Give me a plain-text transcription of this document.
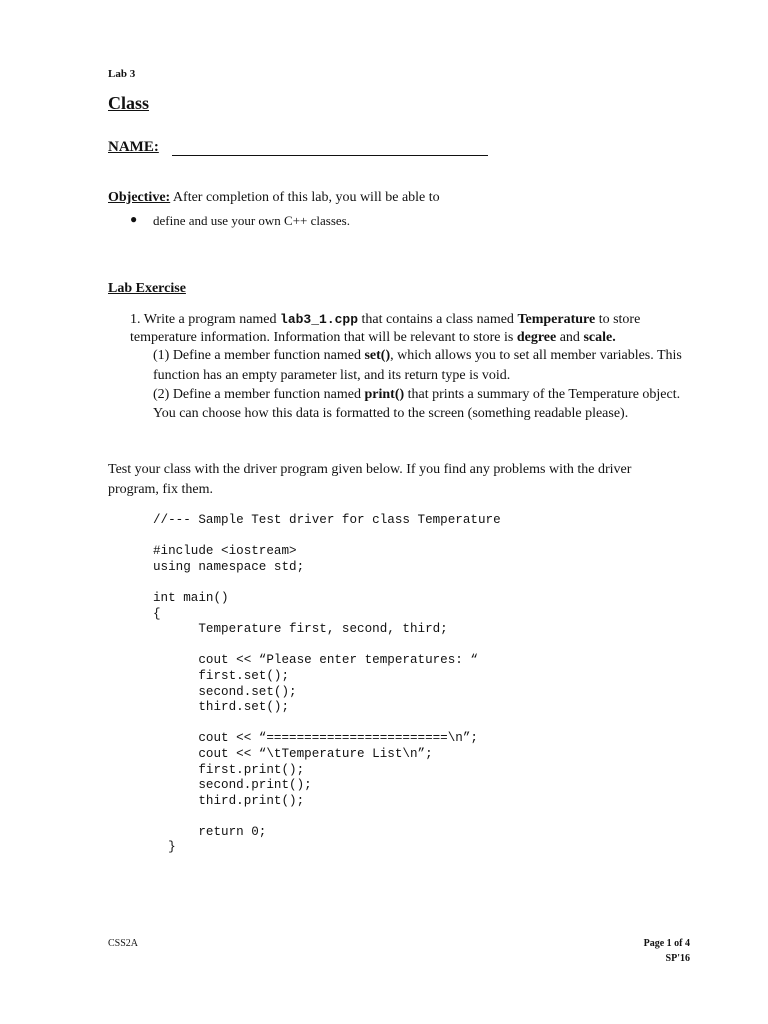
Lab 3
Class
NAME:
Objective: After completion of this lab, you will be able to
● define and use your own C++ classes.
Lab Exercise
1. Write a program named lab3_1.cpp that contains a class named Temperature to store
temperature information. Information that will be relevant to store is degree and scale.
(1) Define a member function named set(), which allows you to set all member variables. This
function has an empty parameter list, and its return type is void.
(2) Define a member function named print() that prints a summary of the Temperature object.
You can choose how this data is formatted to the screen (something readable please).
Test your class with the driver program given below. If you find any problems with the driver
program, fix them.
//--- Sample Test driver for class Temperature

#include <iostream>
using namespace std;

int main()
{
Temperature first, second, third;

cout << “Please enter temperatures: “
first.set();
second.set();
third.set();

cout << “========================\n”;
cout << “\tTemperature List\n”;
first.print();
second.print();
third.print();

return 0;
}
CSS2A	Page 1 of 4
SP'16
